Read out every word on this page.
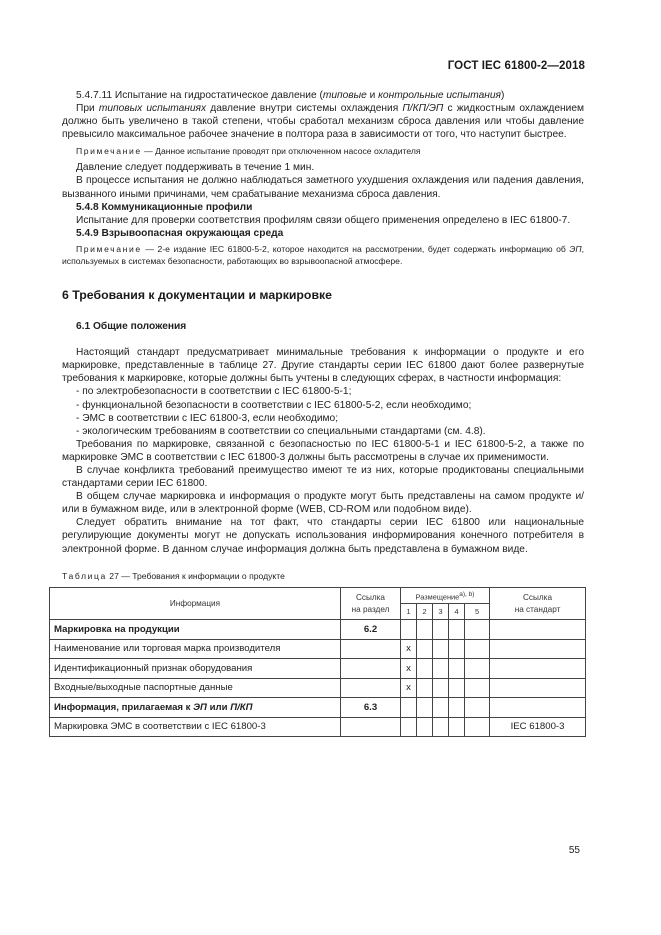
ГОСТ IEC 61800-2—2018

5.4.7.11 Испытание на гидростатическое давление (типовые и контрольные испытания)

При типовых испытаниях давление внутри системы охлаждения П/КП/ЭП с жидкостным охлаждением должно быть увеличено в такой степени, чтобы сработал механизм сброса давления или чтобы давление превысило максимальное рабочее значение в полтора раза в зависимости от того, что наступит быстрее.

Примечание — Данное испытание проводят при отключенном насосе охладителя

Давление следует поддерживать в течение 1 мин.

В процессе испытания не должно наблюдаться заметного ухудшения охлаждения или падения давления, вызванного иными причинами, чем срабатывание механизма сброса давления.

5.4.8 Коммуникационные профили

Испытание для проверки соответствия профилям связи общего применения определено в IEC 61800-7.

5.4.9 Взрывоопасная окружающая среда

Примечание — 2-е издание IEC 61800-5-2, которое находится на рассмотрении, будет содержать информацию об ЭП, используемых в системах безопасности, работающих во взрывоопасной атмосфере.

6 Требования к документации и маркировке
6.1 Общие положения

Настоящий стандарт предусматривает минимальные требования к информации о продукте и его маркировке, представленные в таблице 27. Другие стандарты серии IEC 61800 дают более развернутые требования к маркировке, которые должны быть учтены в следующих сферах, в частности информация:

- по электробезопасности в соответствии с IEC 61800-5-1;
- функциональной безопасности в соответствии с IEC 61800-5-2, если необходимо;
- ЭМС в соответствии с IEC 61800-3, если необходимо;
- экологическим требованиям в соответствии со специальными стандартами (см. 4.8).

Требования по маркировке, связанной с безопасностью по IEC 61800-5-1 и IEC 61800-5-2, а также по маркировке ЭМС в соответствии с IEC 61800-3 должны быть рассмотрены в случае их применимости.

В случае конфликта требований преимущество имеют те из них, которые продиктованы специальными стандартами серии IEC 61800.

В общем случае маркировка и информация о продукте могут быть представлены на самом продукте и/или в бумажном виде, или в электронной форме (WEB, CD-ROM или подобном виде).

Следует обратить внимание на тот факт, что стандарты серии IEC 61800 или национальные регулирующие документы могут не допускать использования информирования конечного потребителя в электронной форме. В данном случае информация должна быть представлена в бумажном виде.

Таблица 27 — Требования к информации о продукте
Информация	Ссылка
на раздел	Размещение$^{a), b)}$					Ссылка
на стандарт
		1	2	3	4	5	
Маркировка на продукции	6.2						
Наименование или торговая марка производителя		x					
Идентификационный признак оборудования		x					
Входные/выходные паспортные данные		x					
Информация, прилагаемая к ЭП или П/КП	6.3						
Маркировка ЭМС в соответствии с IEC 61800-3							IEC 61800-3
55
